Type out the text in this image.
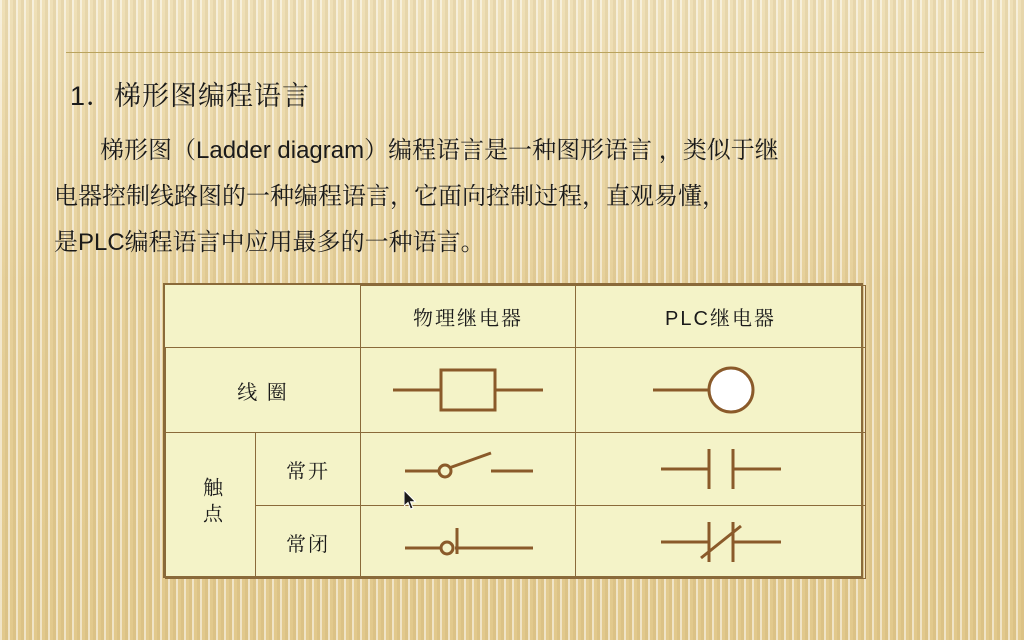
1．梯形图编程语言
梯形图（Ladder diagram）编程语言是一种图形语言 ，类似于继
电器控制线路图的一种编程语言，它面向控制过程，直观易懂，
是PLC编程语言中应用最多的一种语言。
		物理继电器	PLC继电器
线 圈	

触点	常开	

	常闭	
